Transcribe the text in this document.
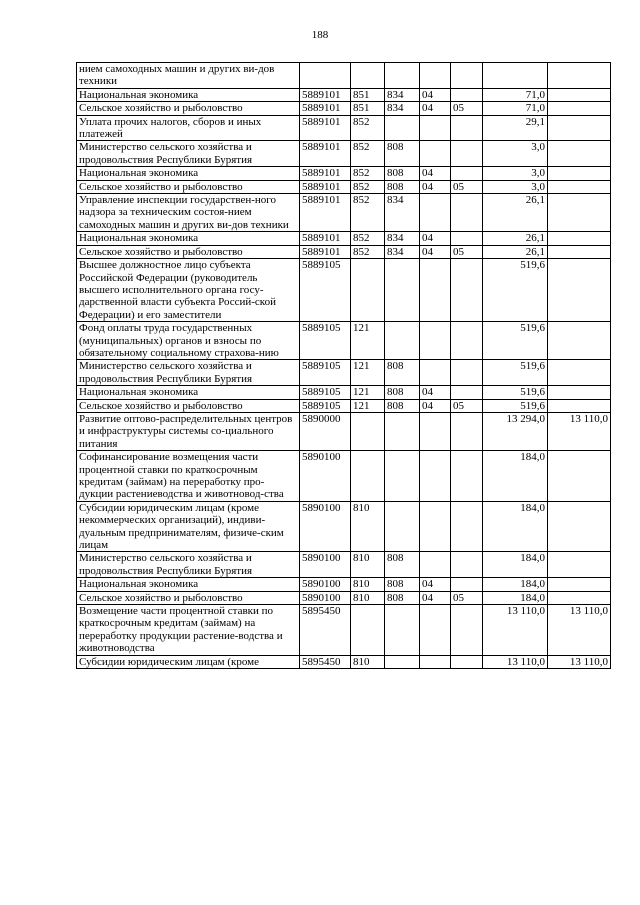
188
нием самоходных машин и других ви-дов техники							
Национальная экономика	5889101	851	834	04		71,0	
Сельское хозяйство и рыболовство	5889101	851	834	04	05	71,0	
Уплата прочих налогов, сборов и иных платежей	5889101	852				29,1	
Министерство сельского хозяйства и продовольствия Республики Бурятия	5889101	852	808			3,0	
Национальная экономика	5889101	852	808	04		3,0	
Сельское хозяйство и рыболовство	5889101	852	808	04	05	3,0	
Управление инспекции государствен-ного надзора за техническим состоя-нием самоходных машин и других ви-дов техники	5889101	852	834			26,1	
Национальная экономика	5889101	852	834	04		26,1	
Сельское хозяйство и рыболовство	5889101	852	834	04	05	26,1	
Высшее должностное лицо субъекта Российской Федерации (руководитель высшего исполнительного органа госу-дарственной власти субъекта Россий-ской Федерации) и его заместители	5889105					519,6	
Фонд оплаты труда государственных (муниципальных) органов и взносы по обязательному социальному страхова-нию	5889105	121				519,6	
Министерство сельского хозяйства и продовольствия Республики Бурятия	5889105	121	808			519,6	
Национальная экономика	5889105	121	808	04		519,6	
Сельское хозяйство и рыболовство	5889105	121	808	04	05	519,6	
Развитие оптово-распределительных центров и инфраструктуры системы со-циального питания	5890000					13 294,0	13 110,0
Софинансирование возмещения части процентной ставки по краткосрочным кредитам (займам) на переработку про-дукции растениеводства и животновод-ства	5890100					184,0	
Субсидии юридическим лицам (кроме некоммерческих организаций), индиви-дуальным предпринимателям, физиче-ским лицам	5890100	810				184,0	
Министерство сельского хозяйства и продовольствия Республики Бурятия	5890100	810	808			184,0	
Национальная экономика	5890100	810	808	04		184,0	
Сельское хозяйство и рыболовство	5890100	810	808	04	05	184,0	
Возмещение части процентной ставки по краткосрочным кредитам (займам) на переработку продукции растение-водства и животноводства	5895450					13 110,0	13 110,0
Субсидии юридическим лицам (кроме	5895450	810				13 110,0	13 110,0
